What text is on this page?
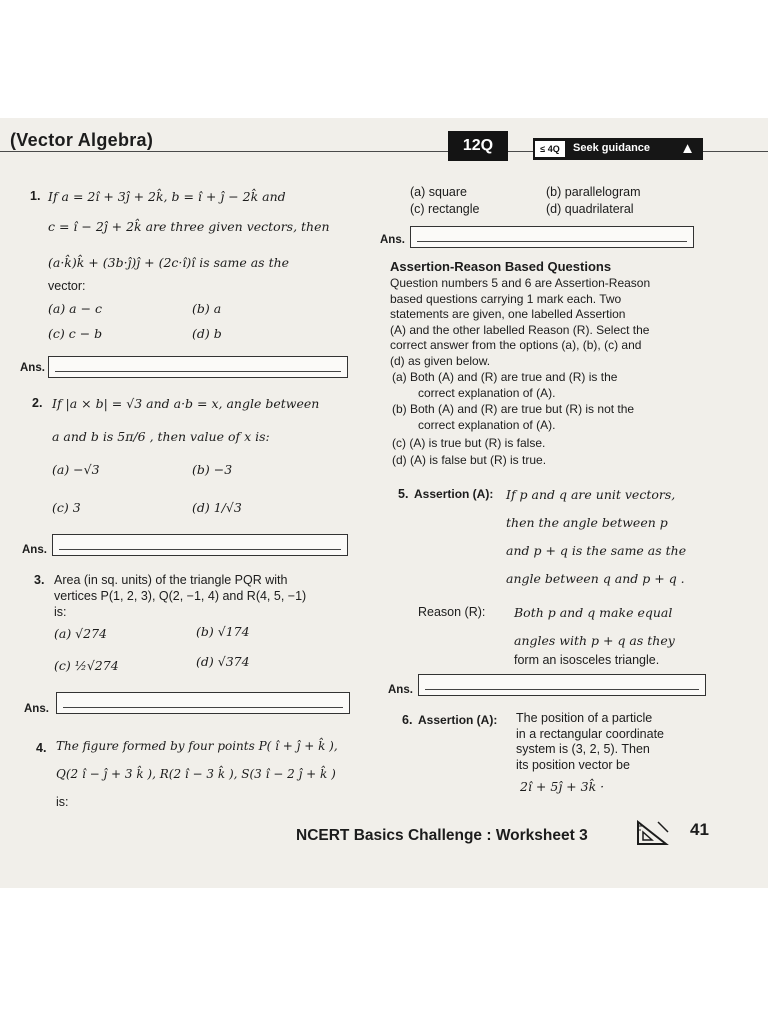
(Vector Algebra)	12Q	≤ 4Q	Seek guidance ▲
1. If a = 2î + 3ĵ + 2k̂, b = î + ĵ − 2k̂ and
c = î − 2ĵ + 2k̂ are three given vectors, then
(a·k̂)k̂ + (3b·ĵ)ĵ + (2c·î)î is same as the
vector:
(a) a − c	(b) a
(c) c − b	(d) b
Ans.
2. If |a × b| = √3 and a·b = x, angle between
a and b is 5π/6 , then value of x is:
(a) −√3	(b) −3
(c) 3	(d) 1/√3
Ans.
3. Area (in sq. units) of the triangle PQR with
vertices P(1, 2, 3), Q(2, −1, 4) and R(4, 5, −1)
is:
(a) √274	(b) √174
(c) ½√274	(d) √374
Ans.
4. The figure formed by four points P( î + ĵ + k̂ ),
Q(2 î − ĵ + 3 k̂ ), R(2 î − 3 k̂ ), S(3 î − 2 ĵ + k̂ )
is:
(a) square	(b) parallelogram
(c) rectangle	(d) quadrilateral
Ans.
Assertion-Reason Based Questions
Question numbers 5 and 6 are Assertion-Reason
based questions carrying 1 mark each. Two
statements are given, one labelled Assertion
(A) and the other labelled Reason (R). Select the
correct answer from the options (a), (b), (c) and
(d) as given below.
(a) Both (A) and (R) are true and (R) is the
correct explanation of (A).
(b) Both (A) and (R) are true but (R) is not the
correct explanation of (A).
(c) (A) is true but (R) is false.
(d) (A) is false but (R) is true.
5. Assertion (A): If p and q are unit vectors,
then the angle between p
and p + q is the same as the
angle between q and p + q .
Reason (R): Both p and q make equal
angles with p + q as they
form an isosceles triangle.
Ans.
6. Assertion (A): The position of a particle
in a rectangular coordinate
system is (3, 2, 5). Then
its position vector be
2î + 5ĵ + 3k̂ ·
NCERT Basics Challenge : Worksheet 3	41
